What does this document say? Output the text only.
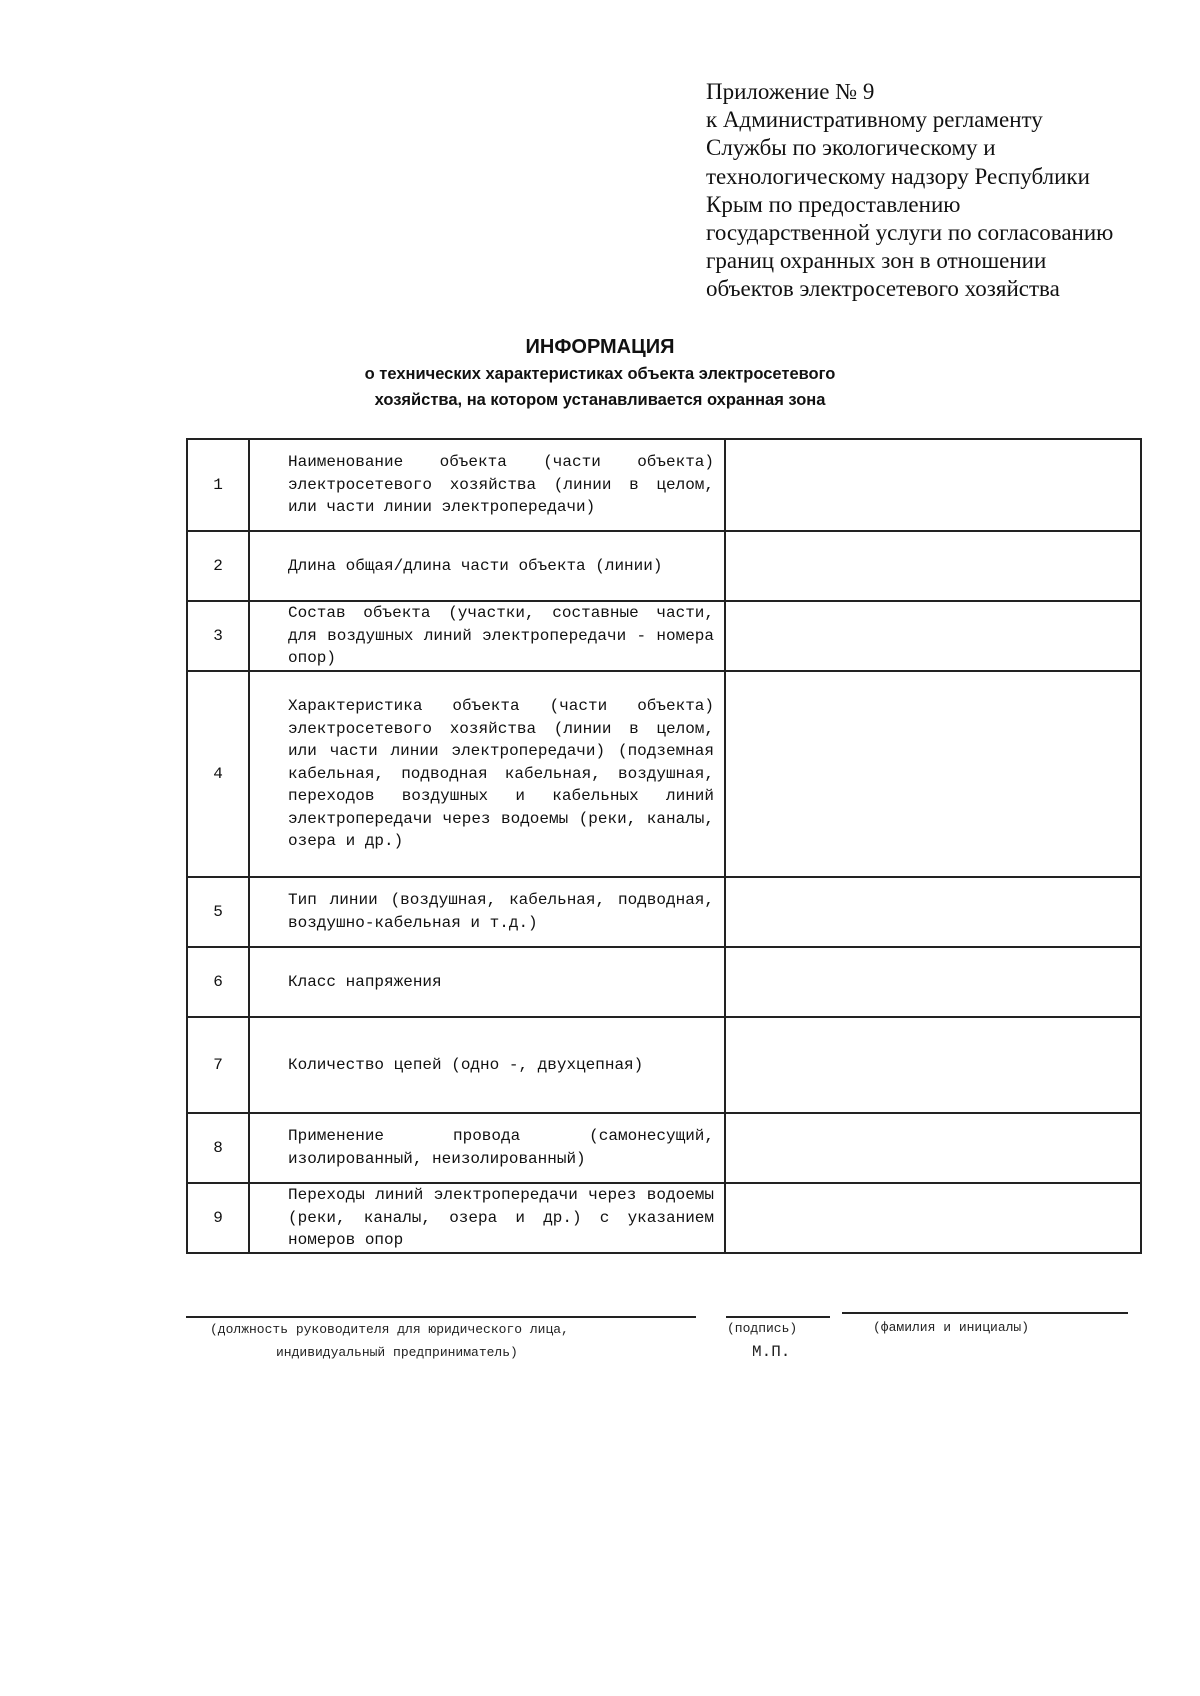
Приложение № 9
к Административному регламенту
Службы по экологическому и
технологическому надзору Республики
Крым по предоставлению
государственной услуги по согласованию
границ охранных зон в отношении
объектов электросетевого хозяйства
ИНФОРМАЦИЯ
о технических характеристиках объекта электросетевого
хозяйства, на котором устанавливается охранная зона
1	Наименование объекта (части объекта) электросетевого хозяйства (линии в целом, или части линии электропередачи)	
2	Длина общая/длина части объекта (линии)	
3	Состав объекта (участки, составные части, для воздушных линий электропередачи - номера опор)	
4	Характеристика объекта (части объекта) электросетевого хозяйства (линии в целом, или части линии электропередачи) (подземная кабельная, подводная кабельная, воздушная, переходов воздушных и кабельных линий электропередачи через водоемы (реки, каналы, озера и др.)	
5	Тип линии (воздушная, кабельная, подводная, воздушно-кабельная и т.д.)	
6	Класс напряжения	
7	Количество цепей (одно -, двухцепная)	
8	Применение провода (самонесущий, изолированный, неизолированный)	
9	Переходы линий электропередачи через водоемы (реки, каналы, озера и др.) с указанием номеров опор	
(должность руководителя для юридического лица,
индивидуальный предприниматель)
(подпись)	(фамилия и инициалы)
М.П.
